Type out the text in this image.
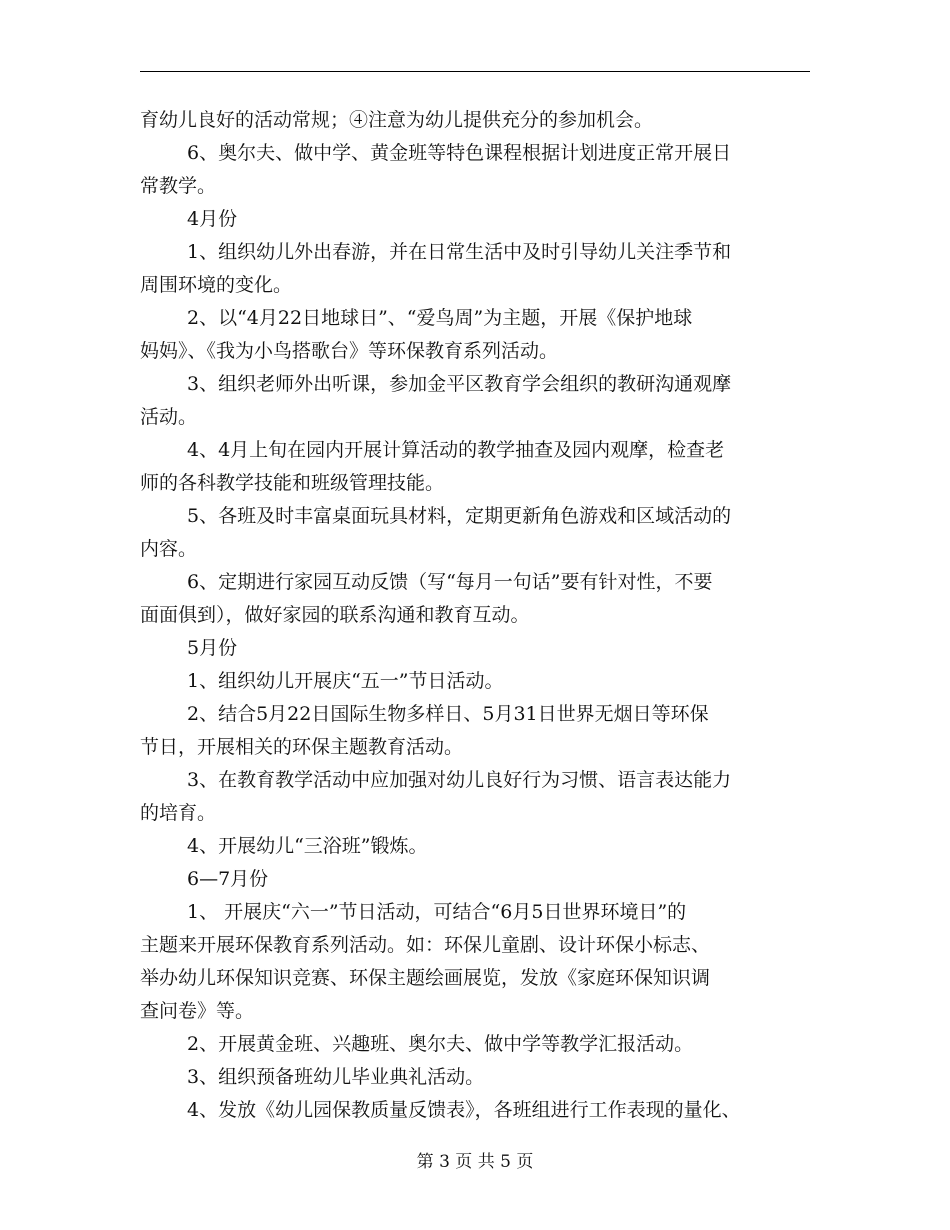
育幼儿良好的活动常规；④注意为幼儿提供充分的参加机会。
6、奥尔夫、做中学、黄金班等特色课程根据计划进度正常开展日
常教学。
4月份
1、组织幼儿外出春游，并在日常生活中及时引导幼儿关注季节和
周围环境的变化。
2、以“4月22日地球日”、“爱鸟周”为主题，开展《保护地球
妈妈》、《我为小鸟搭歌台》等环保教育系列活动。
3、组织老师外出听课，参加金平区教育学会组织的教研沟通观摩
活动。
4、4月上旬在园内开展计算活动的教学抽查及园内观摩，检查老
师的各科教学技能和班级管理技能。
5、各班及时丰富桌面玩具材料，定期更新角色游戏和区域活动的
内容。
6、定期进行家园互动反馈（写“每月一句话”要有针对性，不要
面面俱到），做好家园的联系沟通和教育互动。
5月份
1、组织幼儿开展庆“五一”节日活动。
2、结合5月22日国际生物多样日、5月31日世界无烟日等环保
节日，开展相关的环保主题教育活动。
3、在教育教学活动中应加强对幼儿良好行为习惯、语言表达能力
的培育。
4、开展幼儿“三浴班”锻炼。
6—7月份
1、 开展庆“六一”节日活动，可结合“6月5日世界环境日”的
主题来开展环保教育系列活动。如：环保儿童剧、设计环保小标志、
举办幼儿环保知识竞赛、环保主题绘画展览，发放《家庭环保知识调
查问卷》等。
2、开展黄金班、兴趣班、奥尔夫、做中学等教学汇报活动。
3、组织预备班幼儿毕业典礼活动。
4、发放《幼儿园保教质量反馈表》，各班组进行工作表现的量化、
第 3 页 共 5 页
